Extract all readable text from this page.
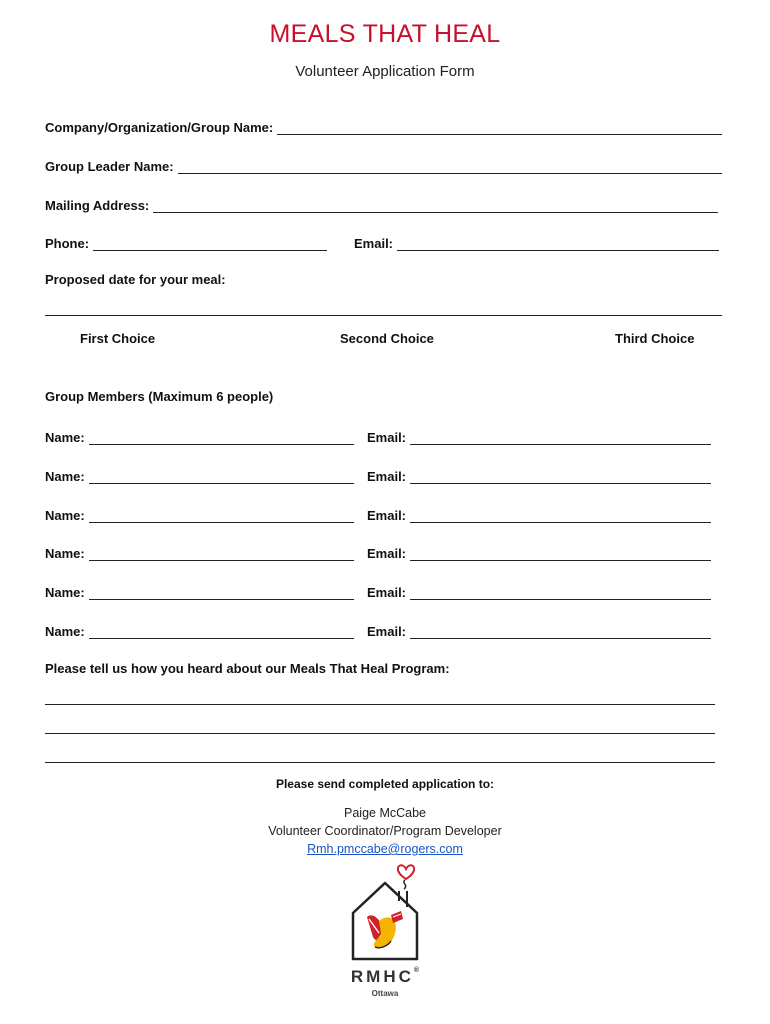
MEALS THAT HEAL
Volunteer Application Form
Company/Organization/Group Name:
Group Leader Name:
Mailing Address:
Phone:	Email:
Proposed date for your meal:
First Choice	Second Choice	Third Choice
Group Members (Maximum 6 people)
Name:	Email:
Name:	Email:
Name:	Email:
Name:	Email:
Name:	Email:
Name:	Email:
Please tell us how you heard about our Meals That Heal Program:
Please send completed application to:
Paige McCabe
Volunteer Coordinator/Program Developer
Rmh.pmccabe@rogers.com
RMHC®
Ottawa
